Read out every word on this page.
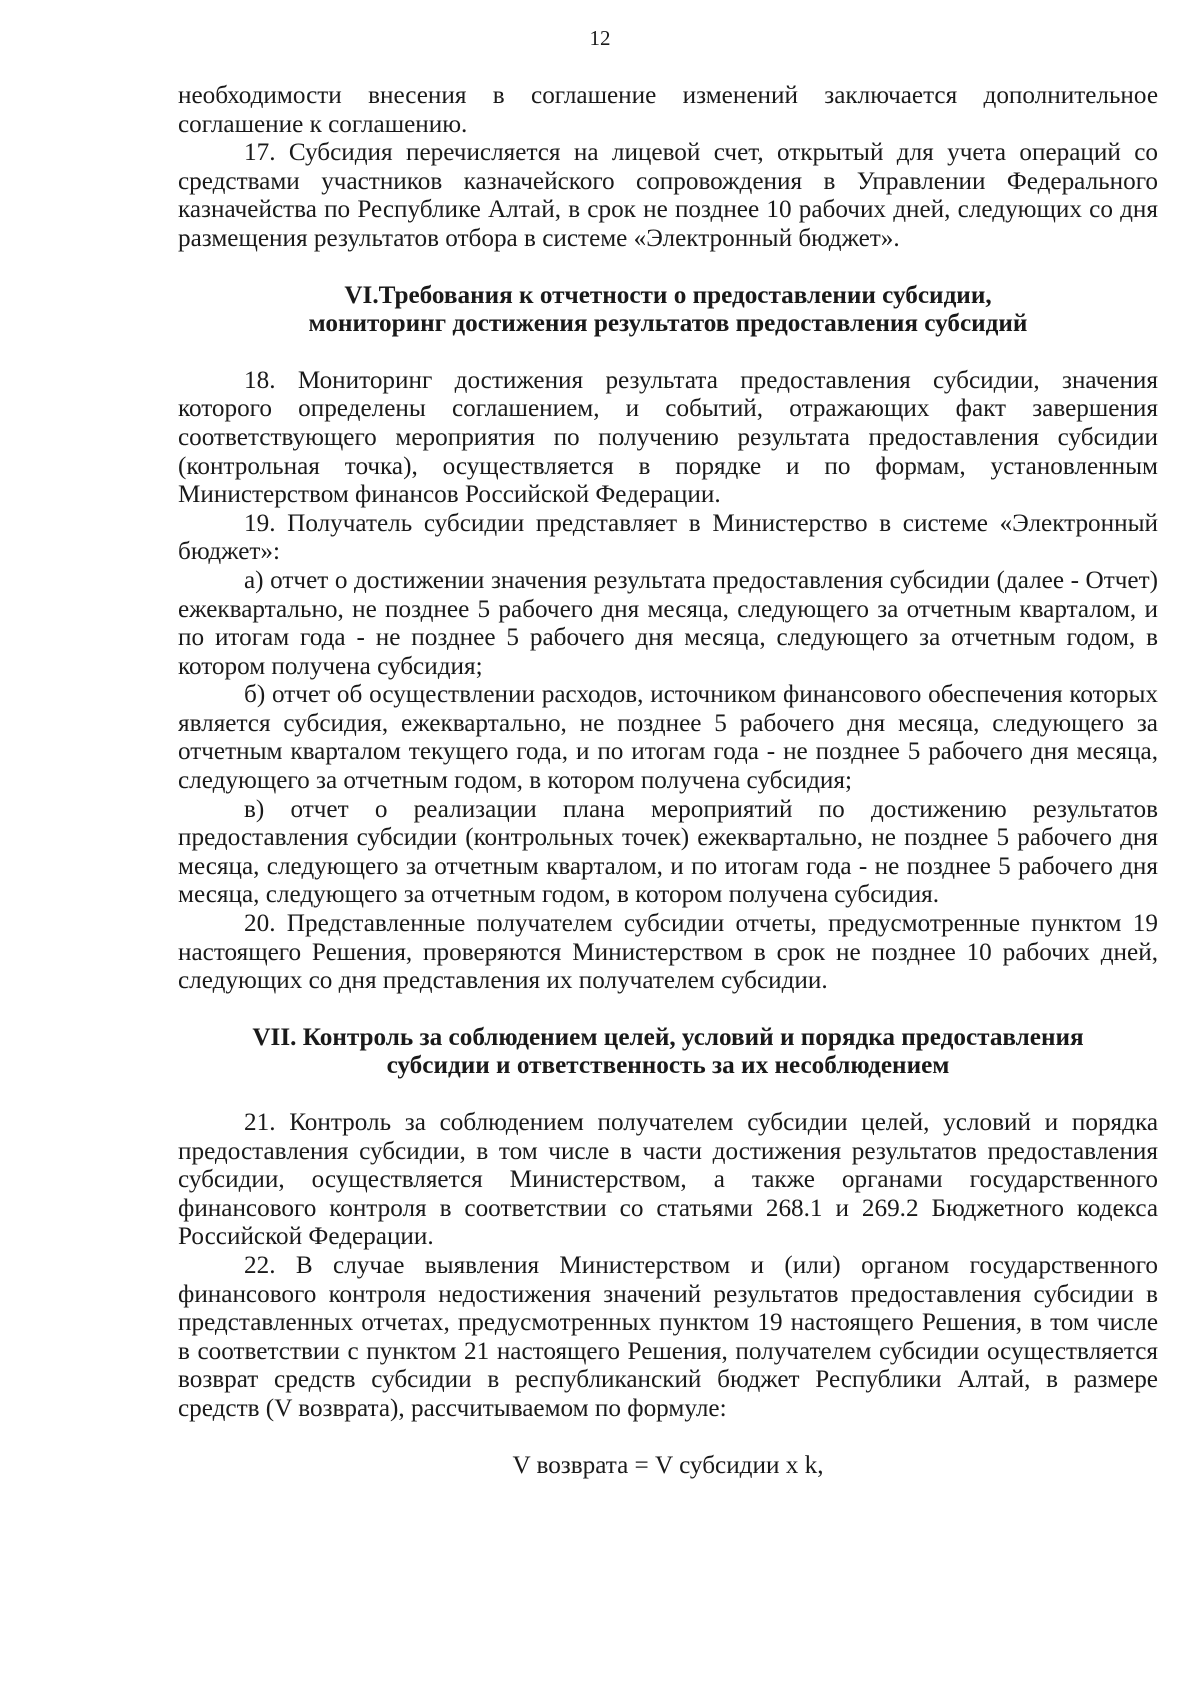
12

необходимости внесения в соглашение изменений заключается дополнительное соглашение к соглашению.

17. Субсидия перечисляется на лицевой счет, открытый для учета операций со средствами участников казначейского сопровождения в Управлении Федерального казначейства по Республике Алтай, в срок не позднее 10 рабочих дней, следующих со дня размещения результатов отбора в системе «Электронный бюджет».

VI.Требования к отчетности о предоставлении субсидии,

мониторинг достижения результатов предоставления субсидий

18. Мониторинг достижения результата предоставления субсидии, значения которого определены соглашением, и событий, отражающих факт завершения соответствующего мероприятия по получению результата предоставления субсидии (контрольная точка), осуществляется в порядке и по формам, установленным Министерством финансов Российской Федерации.

19. Получатель субсидии представляет в Министерство в системе «Электронный бюджет»:

а) отчет о достижении значения результата предоставления субсидии (далее - Отчет) ежеквартально, не позднее 5 рабочего дня месяца, следующего за отчетным кварталом, и по итогам года - не позднее 5 рабочего дня месяца, следующего за отчетным годом, в котором получена субсидия;

б) отчет об осуществлении расходов, источником финансового обеспечения которых является субсидия, ежеквартально, не позднее 5 рабочего дня месяца, следующего за отчетным кварталом текущего года, и по итогам года - не позднее 5 рабочего дня месяца, следующего за отчетным годом, в котором получена субсидия;

в) отчет о реализации плана мероприятий по достижению результатов предоставления субсидии (контрольных точек) ежеквартально, не позднее 5 рабочего дня месяца, следующего за отчетным кварталом, и по итогам года - не позднее 5 рабочего дня месяца, следующего за отчетным годом, в котором получена субсидия.

20. Представленные получателем субсидии отчеты, предусмотренные пунктом 19 настоящего Решения, проверяются Министерством в срок не позднее 10 рабочих дней, следующих со дня представления их получателем субсидии.

VII. Контроль за соблюдением целей, условий и порядка предоставления

субсидии и ответственность за их несоблюдением

21. Контроль за соблюдением получателем субсидии целей, условий и порядка предоставления субсидии, в том числе в части достижения результатов предоставления субсидии, осуществляется Министерством, а также органами государственного финансового контроля в соответствии со статьями 268.1 и 269.2 Бюджетного кодекса Российской Федерации.

22. В случае выявления Министерством и (или) органом государственного финансового контроля недостижения значений результатов предоставления субсидии в представленных отчетах, предусмотренных пунктом 19 настоящего Решения, в том числе в соответствии с пунктом 21 настоящего Решения, получателем субсидии осуществляется возврат средств субсидии в республиканский бюджет Республики Алтай, в размере средств (V возврата), рассчитываемом по формуле:

V возврата = V субсидии x k,
